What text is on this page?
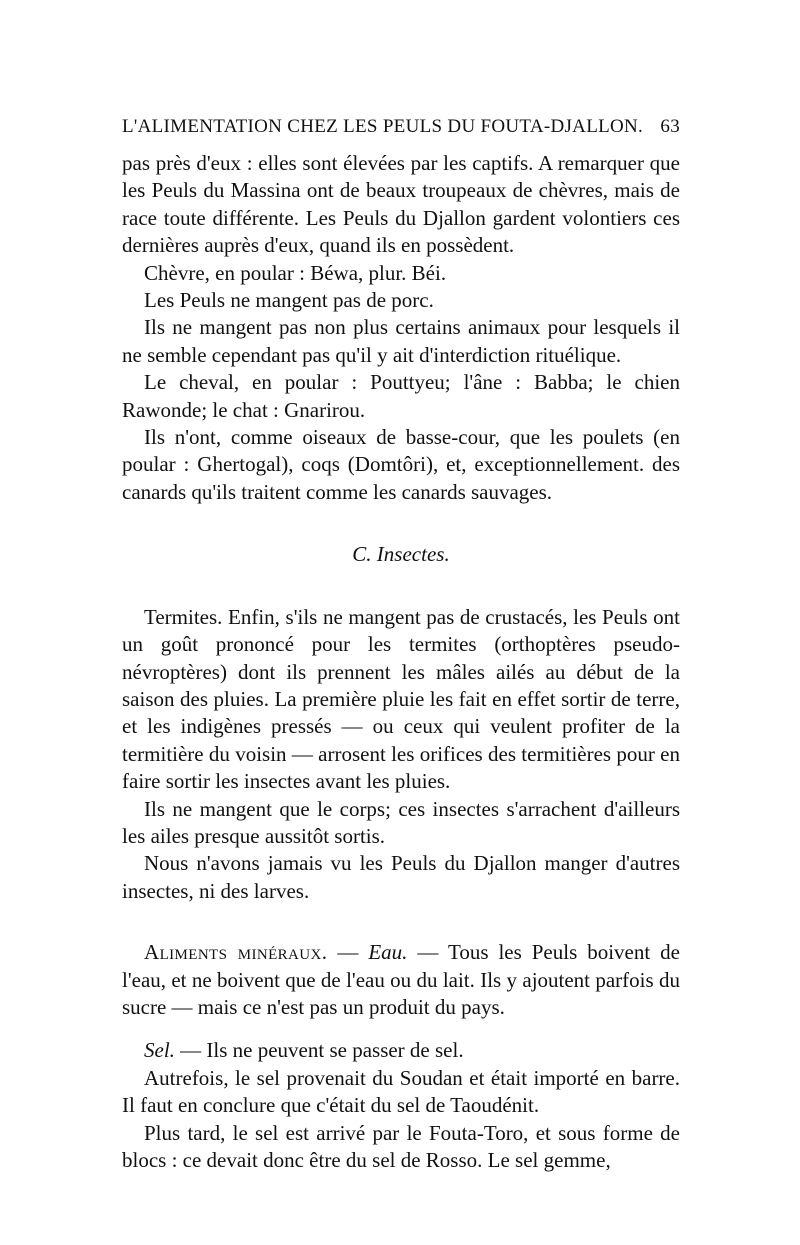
L'ALIMENTATION CHEZ LES PEULS DU FOUTA-DJALLON. 63

pas près d'eux : elles sont élevées par les captifs. A remarquer que les Peuls du Massina ont de beaux troupeaux de chèvres, mais de race toute différente. Les Peuls du Djallon gardent volontiers ces dernières auprès d'eux, quand ils en possèdent.

Chèvre, en poular : Béwa, plur. Béi.

Les Peuls ne mangent pas de porc.

Ils ne mangent pas non plus certains animaux pour lesquels il ne semble cependant pas qu'il y ait d'interdiction rituélique.

Le cheval, en poular : Pouttyeu; l'âne : Babba; le chien Rawonde; le chat : Gnarirou.

Ils n'ont, comme oiseaux de basse-cour, que les poulets (en poular : Ghertogal), coqs (Domtôri), et, exceptionnellement. des canards qu'ils traitent comme les canards sauvages.

C. Insectes.

Termites. Enfin, s'ils ne mangent pas de crustacés, les Peuls ont un goût prononcé pour les termites (orthoptères pseudo-névroptères) dont ils prennent les mâles ailés au début de la saison des pluies. La première pluie les fait en effet sortir de terre, et les indigènes pressés — ou ceux qui veulent profiter de la termitière du voisin — arrosent les orifices des termitières pour en faire sortir les insectes avant les pluies.

Ils ne mangent que le corps; ces insectes s'arrachent d'ailleurs les ailes presque aussitôt sortis.

Nous n'avons jamais vu les Peuls du Djallon manger d'autres insectes, ni des larves.

Aliments minéraux. — Eau. — Tous les Peuls boivent de l'eau, et ne boivent que de l'eau ou du lait. Ils y ajoutent parfois du sucre — mais ce n'est pas un produit du pays.

Sel. — Ils ne peuvent se passer de sel.

Autrefois, le sel provenait du Soudan et était importé en barre. Il faut en conclure que c'était du sel de Taoudénit.

Plus tard, le sel est arrivé par le Fouta-Toro, et sous forme de blocs : ce devait donc être du sel de Rosso. Le sel gemme,
